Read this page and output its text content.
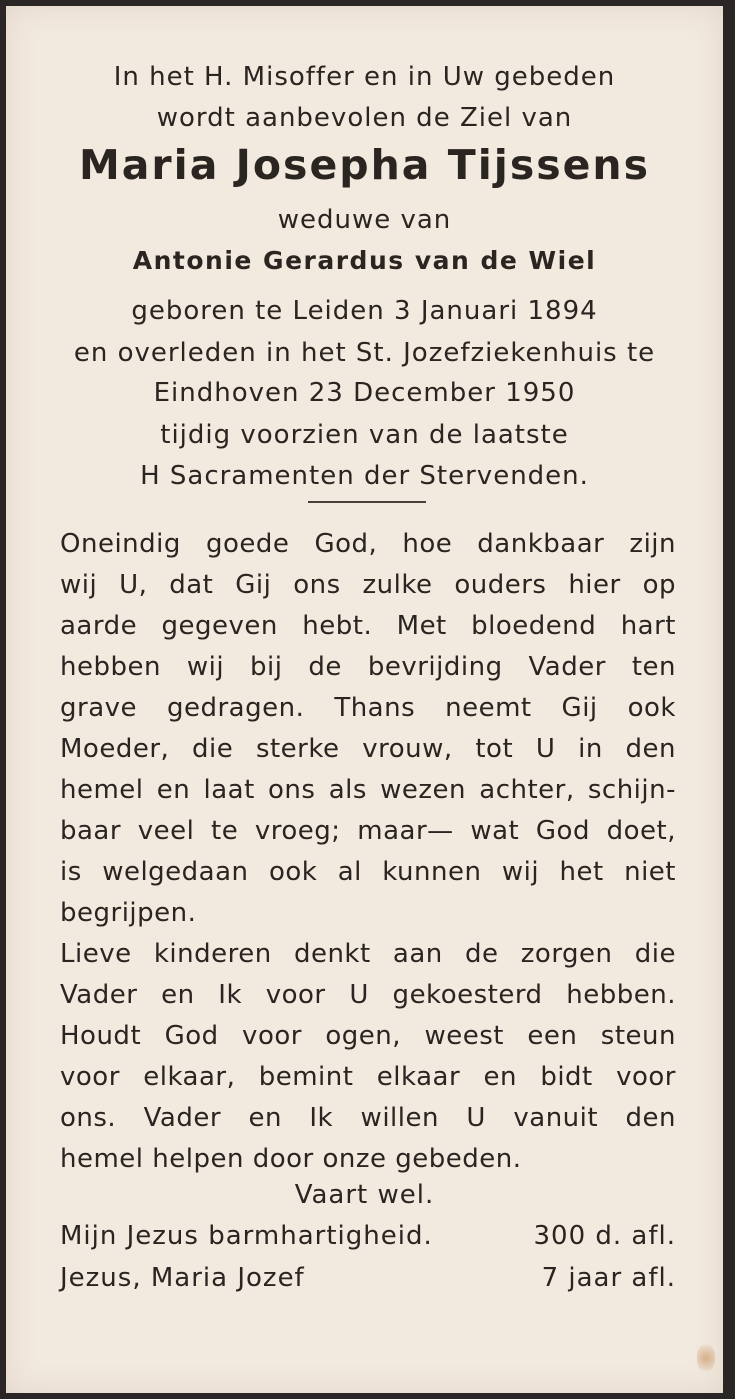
In het H. Misoffer en in Uw gebeden
wordt aanbevolen de Ziel van
Maria Josepha Tijssens
weduwe van
Antonie Gerardus van de Wiel
geboren te Leiden 3 Januari 1894
en overleden in het St. Jozefziekenhuis te
Eindhoven 23 December 1950
tijdig voorzien van de laatste
H Sacramenten der Stervenden.
Oneindig goede God, hoe dankbaar zijn
wij U, dat Gij ons zulke ouders hier op
aarde gegeven hebt. Met bloedend hart
hebben wij bij de bevrijding Vader ten
grave gedragen. Thans neemt Gij ook
Moeder, die sterke vrouw, tot U in den
hemel en laat ons als wezen achter, schijn-
baar veel te vroeg; maar— wat God doet,
is welgedaan ook al kunnen wij het niet
begrijpen.
Lieve kinderen denkt aan de zorgen die
Vader en Ik voor U gekoesterd hebben.
Houdt God voor ogen, weest een steun
voor elkaar, bemint elkaar en bidt voor
ons. Vader en Ik willen U vanuit den
hemel helpen door onze gebeden.
Vaart wel.
Mijn Jezus barmhartigheid.	300 d. afl.
Jezus, Maria Jozef	7 jaar afl.
